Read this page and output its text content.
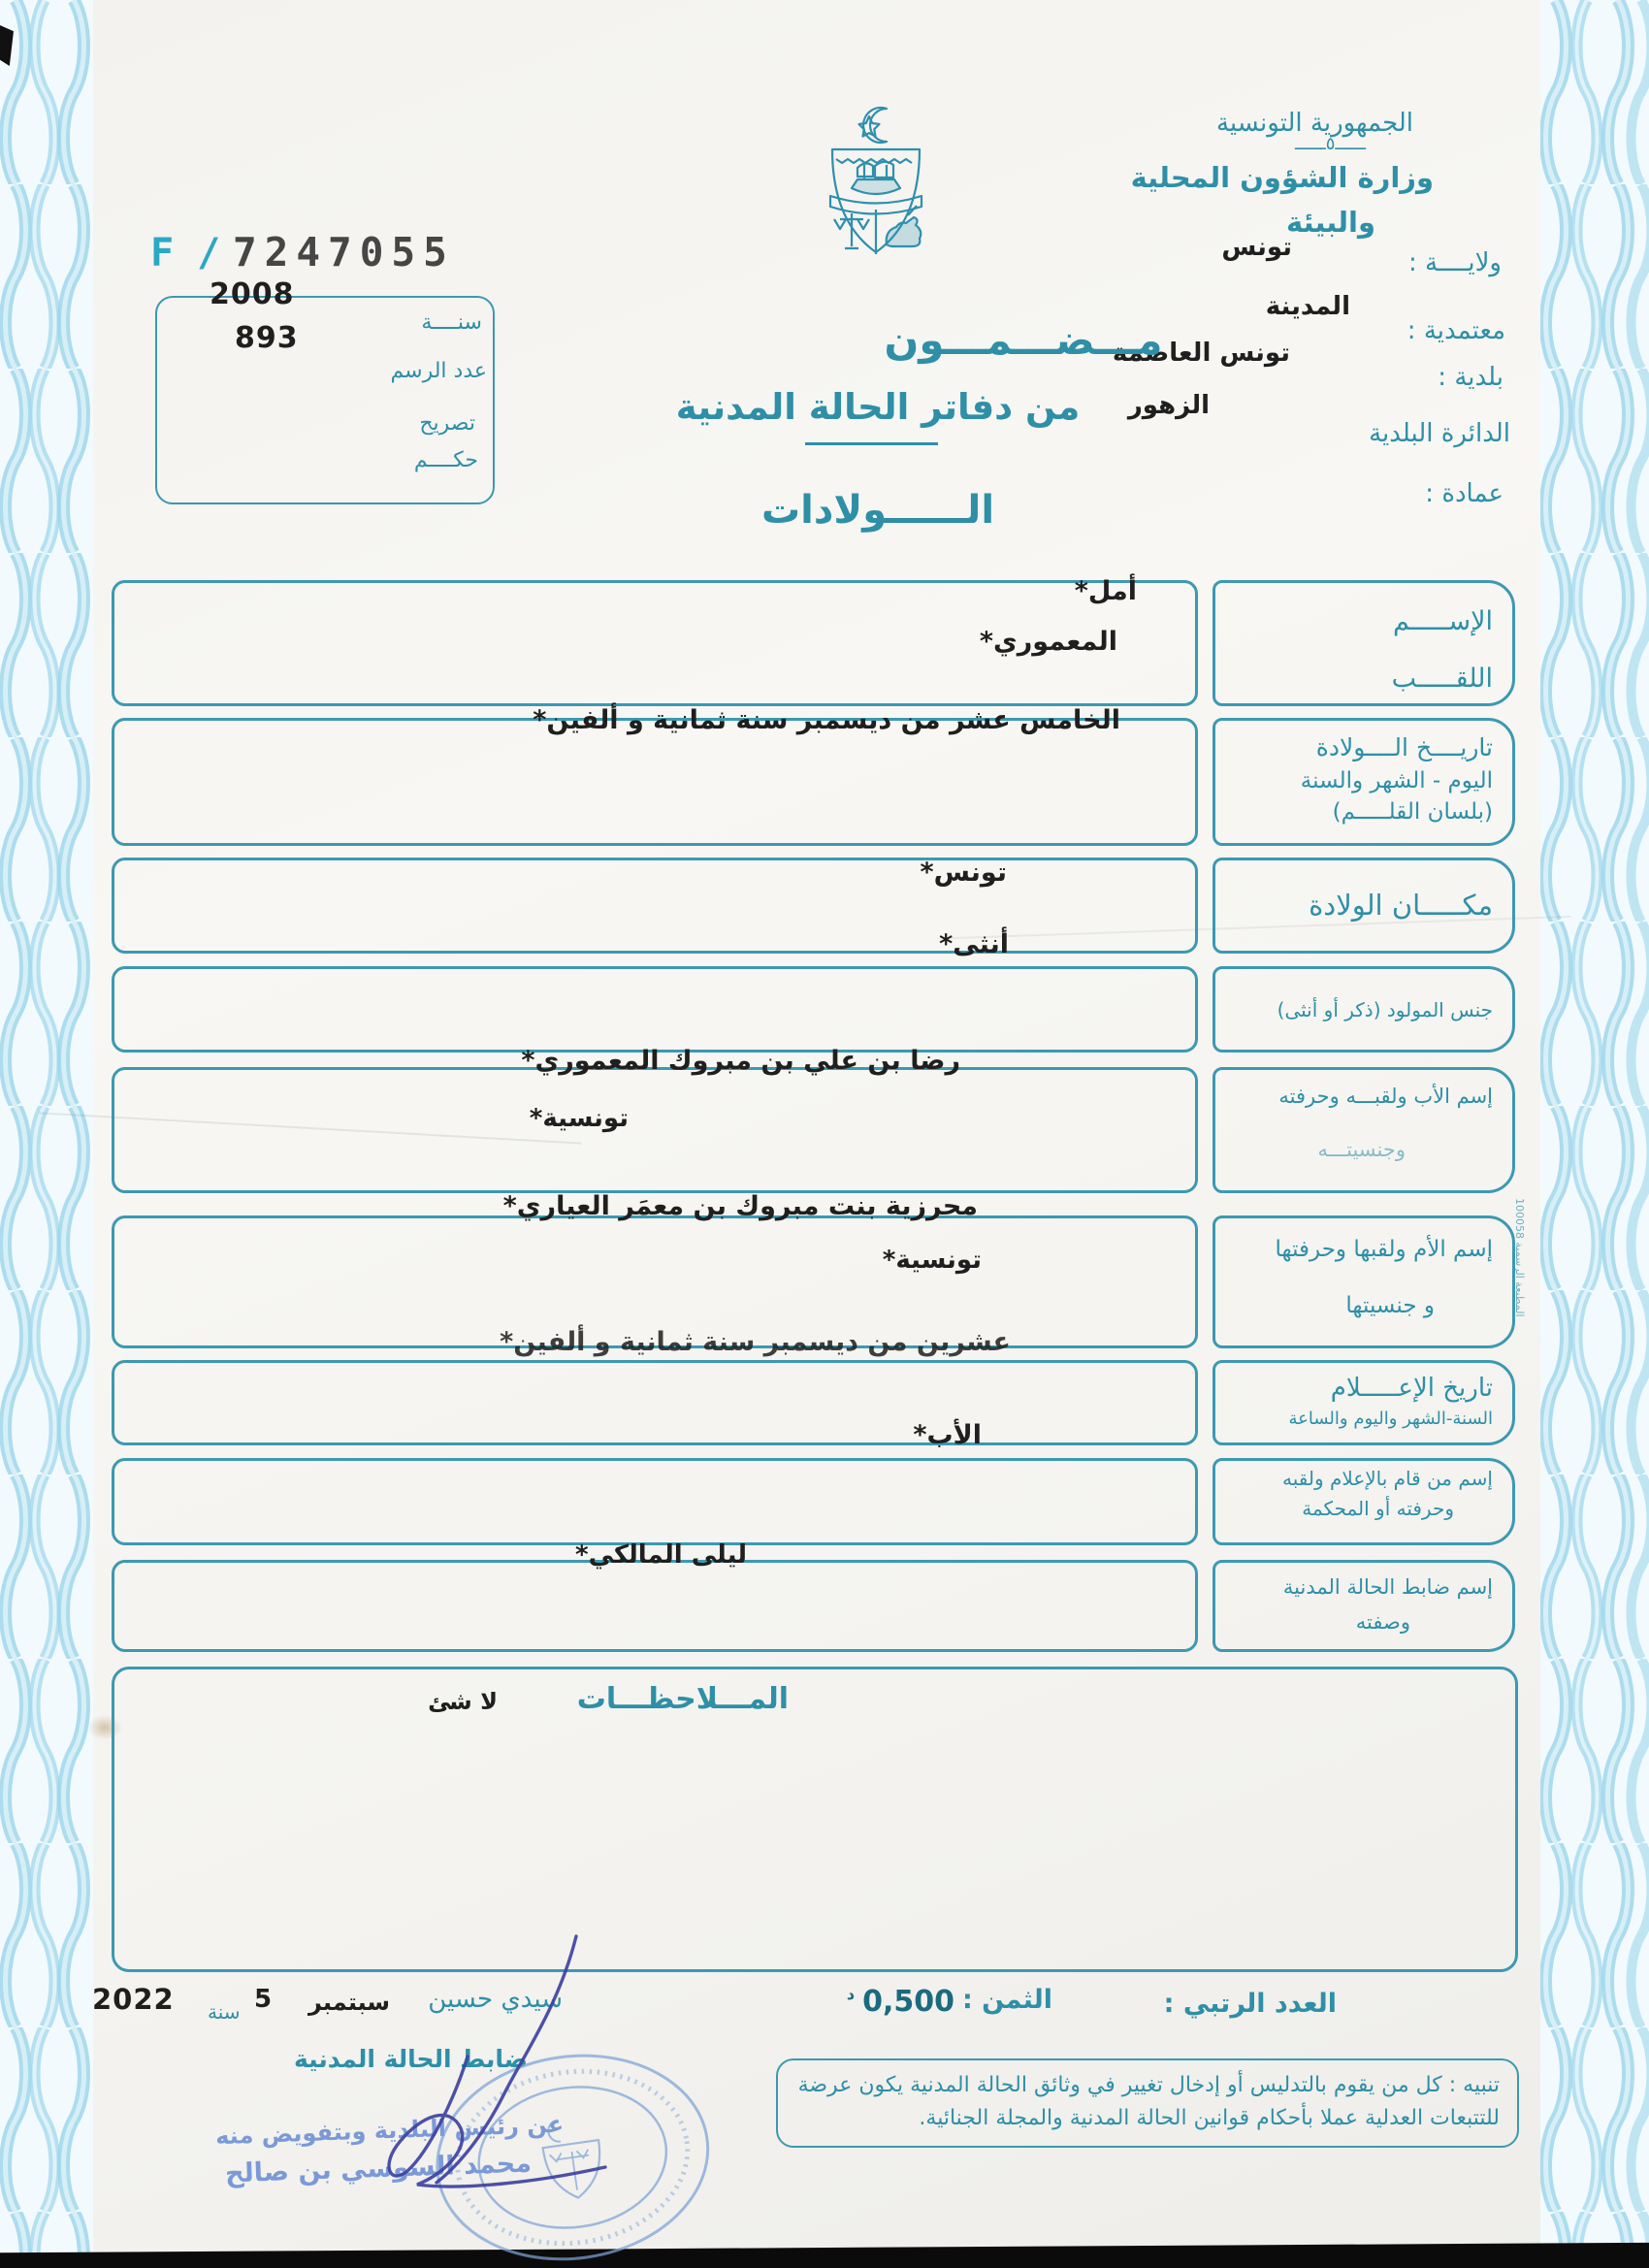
الجمهورية التونسية
ــــــ٥ــــــ
وزارة الشؤون المحلية
والبيئة
ولايــــة :
تونس
معتمدية :
المدينة
بلدية :
تونس العاصمة
الدائرة البلدية
الزهور
عمادة :
F / 7247055
سنــــة
عدد الرسم
تصريح
حكــــم
2008
893	مـــضـــمـــون
من دفاتر الحالة المدنية
الــــــولادات
الإســـــم
اللقـــــب
أمل*
المعموري*
تاريــــخ الــــولادة
اليوم - الشهر والسنة
(بلسان القلـــــم)
الخامس عشر من ديسمبر سنة ثمانية و ألفين*
مكـــــان الولادة
تونس*
جنس المولود (ذكر أو أنثى)
أنثى*
إسم الأب ولقبـــه وحرفته
وجنسيتـــه
رضا بن علي بن مبروك المعموري*
تونسية*
إسم الأم ولقبها وحرفتها
و جنسيتها
محرزية بنت مبروك بن معمَر العياري*
تونسية*
تاريخ الإعـــــلام
السنة-الشهر واليوم والساعة
عشرين من ديسمبر سنة ثمانية و ألفين*
إسم من قام بالإعلام ولقبه
وحرفته أو المحكمة
الأب*
إسم ضابط الحالة المدنية
وصفته
ليلى المالكي*
المـــلاحظـــات
لا شئ
العدد الرتبي :
الثمن :
0,500
د
تنبيه : كل من يقوم بالتدليس أو إدخال تغيير في وثائق الحالة المدنية يكون عرضة
للتتبعات العدلية عملا بأحكام قوانين الحالة المدنية والمجلة الجنائية.
سيدي حسين
سبتمبر
5
سنة
2022
ضابط الحالة المدنية
عن رئيس البلدية وبتفويض منه
محمد السوسي بن صالح
المطبعة الرسمية 100058
